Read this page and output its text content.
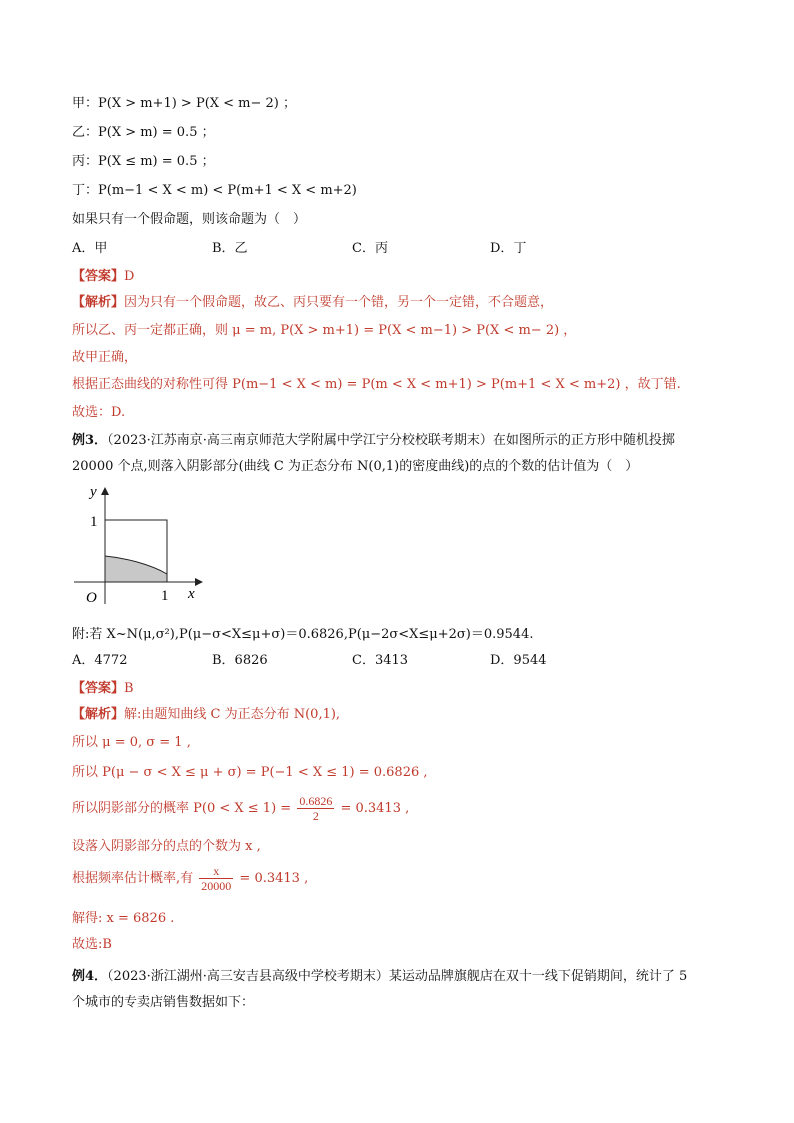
甲：P(X > m+1) > P(X < m− 2) ；
乙：P(X > m) = 0.5 ；
丙：P(X ≤ m) = 0.5 ；
丁：P(m−1 < X < m) < P(m+1 < X < m+2)
如果只有一个假命题，则该命题为（　）
A．甲	B．乙	C．丙	D．丁
【答案】D
【解析】因为只有一个假命题，故乙、丙只要有一个错，另一个一定错，不合题意，
所以乙、丙一定都正确，则 μ = m, P(X > m+1) = P(X < m−1) > P(X < m− 2) ，
故甲正确，
根据正态曲线的对称性可得 P(m−1 < X < m) = P(m < X < m+1) > P(m+1 < X < m+2) ，故丁错.
故选：D.
例3．（2023·江苏南京·高三南京师范大学附属中学江宁分校校联考期末）在如图所示的正方形中随机投掷
20000 个点,则落入阴影部分(曲线 C 为正态分布 N(0,1)的密度曲线)的点的个数的估计值为（　）
y
1
O	1 x
附:若 X~N(μ,σ²),P(μ−σ<X≤μ+σ)＝0.6826,P(μ−2σ<X≤μ+2σ)＝0.9544.
A．4772	B．6826	C．3413	D．9544
【答案】B
【解析】解:由题知曲线 C 为正态分布 N(0,1),
所以 μ = 0, σ = 1 ,
所以 P(μ − σ < X ≤ μ + σ) = P(−1 < X ≤ 1) = 0.6826 ,
所以阴影部分的概率 $P(0 < X \le 1) = \frac{0.6826}{2} = 0.3413$ ,
设落入阴影部分的点的个数为 x ,
根据频率估计概率,有 $\frac{x}{20000} = 0.3413$ ,
解得: x = 6826 .
故选:B
例4．（2023·浙江湖州·高三安吉县高级中学校考期末）某运动品牌旗舰店在双十一线下促销期间，统计了 5
个城市的专卖店销售数据如下：
